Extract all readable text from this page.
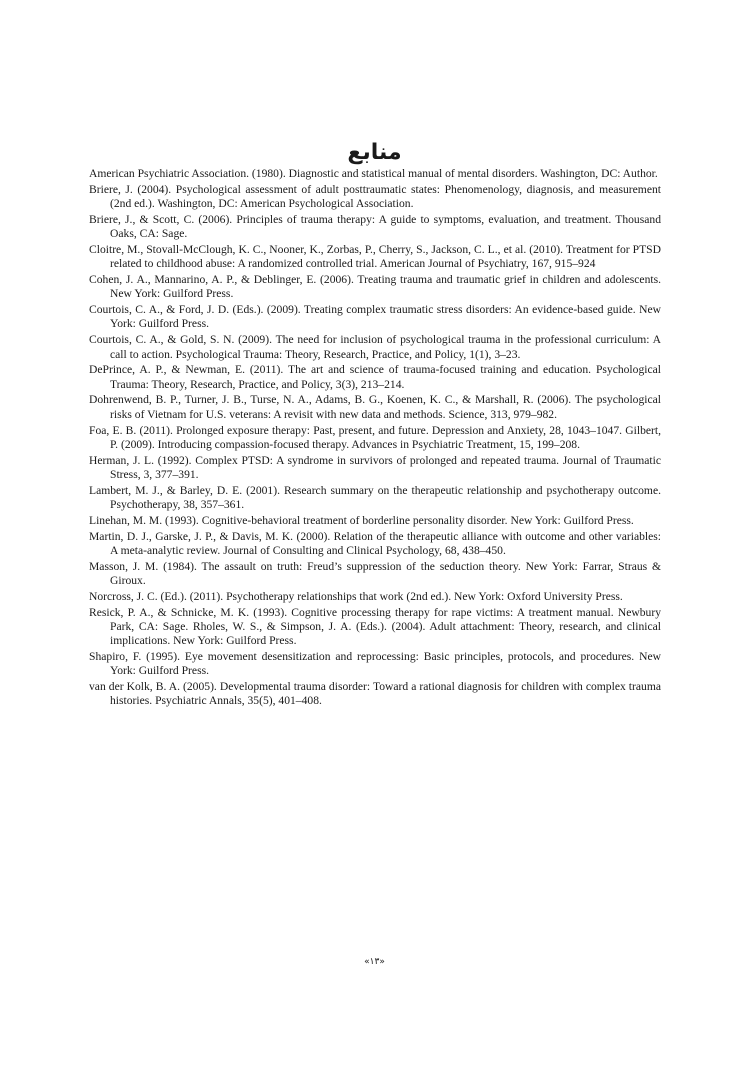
منابع
American Psychiatric Association. (1980). Diagnostic and statistical manual of mental disorders. Washington, DC: Author.
Briere, J. (2004). Psychological assessment of adult posttraumatic states: Phenomenology, diagnosis, and measurement (2nd ed.). Washington, DC: American Psychological Association.
Briere, J., & Scott, C. (2006). Principles of trauma therapy: A guide to symptoms, evaluation, and treatment. Thousand Oaks, CA: Sage.
Cloitre, M., Stovall-McClough, K. C., Nooner, K., Zorbas, P., Cherry, S., Jackson, C. L., et al. (2010). Treatment for PTSD related to childhood abuse: A randomized controlled trial. American Journal of Psychiatry, 167, 915–924
Cohen, J. A., Mannarino, A. P., & Deblinger, E. (2006). Treating trauma and traumatic grief in children and adolescents. New York: Guilford Press.
Courtois, C. A., & Ford, J. D. (Eds.). (2009). Treating complex traumatic stress disorders: An evidence-based guide. New York: Guilford Press.
Courtois, C. A., & Gold, S. N. (2009). The need for inclusion of psychological trauma in the professional curriculum: A call to action. Psychological Trauma: Theory, Research, Practice, and Policy, 1(1), 3–23.
DePrince, A. P., & Newman, E. (2011). The art and science of trauma-focused training and education. Psychological Trauma: Theory, Research, Practice, and Policy, 3(3), 213–214.
Dohrenwend, B. P., Turner, J. B., Turse, N. A., Adams, B. G., Koenen, K. C., & Marshall, R. (2006). The psychological risks of Vietnam for U.S. veterans: A revisit with new data and methods. Science, 313, 979–982.
Foa, E. B. (2011). Prolonged exposure therapy: Past, present, and future. Depression and Anxiety, 28, 1043–1047. Gilbert, P. (2009). Introducing compassion-focused therapy. Advances in Psychiatric Treatment, 15, 199–208.
Herman, J. L. (1992). Complex PTSD: A syndrome in survivors of prolonged and repeated trauma. Journal of Traumatic Stress, 3, 377–391.
Lambert, M. J., & Barley, D. E. (2001). Research summary on the therapeutic relationship and psychotherapy outcome. Psychotherapy, 38, 357–361.
Linehan, M. M. (1993). Cognitive-behavioral treatment of borderline personality disorder. New York: Guilford Press.
Martin, D. J., Garske, J. P., & Davis, M. K. (2000). Relation of the therapeutic alliance with outcome and other variables: A meta-analytic review. Journal of Consulting and Clinical Psychology, 68, 438–450.
Masson, J. M. (1984). The assault on truth: Freud’s suppression of the seduction theory. New York: Farrar, Straus & Giroux.
Norcross, J. C. (Ed.). (2011). Psychotherapy relationships that work (2nd ed.). New York: Oxford University Press.
Resick, P. A., & Schnicke, M. K. (1993). Cognitive processing therapy for rape victims: A treatment manual. Newbury Park, CA: Sage. Rholes, W. S., & Simpson, J. A. (Eds.). (2004). Adult attachment: Theory, research, and clinical implications. New York: Guilford Press.
Shapiro, F. (1995). Eye movement desensitization and reprocessing: Basic principles, protocols, and procedures. New York: Guilford Press.
van der Kolk, B. A. (2005). Developmental trauma disorder: Toward a rational diagnosis for children with complex trauma histories. Psychiatric Annals, 35(5), 401–408.
«۱۳»
